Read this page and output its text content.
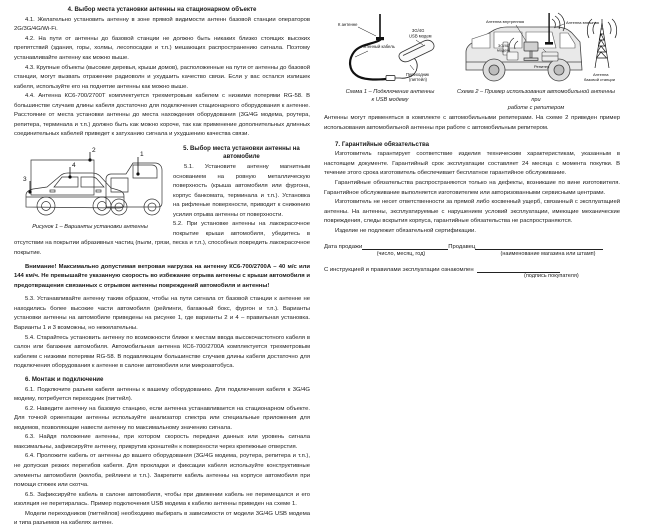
4. Выбор места установки антенны на стационарном объекте

4.1. Желательно установить антенну в зоне прямой видимости антенн базовой станции операторов 2G/3G/4G/Wi-Fi.

4.2. На пути от антенны до базовой станции не должно быть никаких близко стоящих высоких препятствий (здания, горы, холмы, лесопосадки и т.п.) мешающих распространению сигнала. Поэтому устанавливайте антенну как можно выше.

4.3. Крупные объекты (высокие деревья, крыши домов), расположенные на пути от антенны до базовой станции, могут вызвать отражение радиоволн и ухудшить качество связи. Если у вас остался излишек кабеля, используйте его на поднятие антенны как можно выше.

4.4. Антенна КС6-700/2700Т комплектуется трехметровым кабелем с низкими потерями RG-58. В большинстве случаев длины кабеля достаточно для подключения стационарного оборудования к антенне. Расстояние от места установки антенны до места нахождения оборудования (3G/4G модема, роутера, репитера, терминала и т.п.) должно быть как можно короче, так как применение дополнительных длинных соединительных кабелей приведет к затуханию сигнала и ухудшению качества связи.

1
2
3
4
Рисунок 1 – Варианты установки антенны
5. Выбор места установки антенны на автомобиле

5.1. Установите антенну магнитным основанием на ровную металлическую поверхность (крыша автомобиля или фургона, корпус банкомата, терминала и т.п.). Установка на рифленые поверхности, приводит к снижению усилия отрыва антенны от поверхности.

5.2. При установке антенны на лакокрасочное покрытие крыши автомобиля, убедитесь в отсутствии на покрытии абразивных частиц (пыли, грязи, песка и т.п.), способных повредить лакокрасочное покрытие.

Внимание! Максимально допустимая ветровая нагрузка на антенну КС6-700/2700А – 40 м/с или 144 км/ч. Не превышайте указанную скорость во избежание отрыва антенны с крыши автомобиля и предотвращения связанных с отрывом антенны повреждений автомобиля и антенны!

5.3. Устанавливайте антенну таким образом, чтобы на пути сигнала от базовой станции к антенне не находились более высокие части автомобиля (рейлинги, багажный бокс, фургон и т.п.). Варианты установки антенны на автомобиле приведены на рисунке 1, где варианты 2 и 4 – правильная установка. Варианты 1 и 3 возможны, но нежелательны.

5.4. Старайтесь установить антенну по возможности ближе к местам ввода высокочастотного кабеля в салон или багажник автомобиля. Автомобильная антенна КС6-700/2700А комплектуется трехметровым кабелем с низкими потерями RG-58. В подавляющем большинстве случаев длины кабеля достаточно для подключения оборудования к антенне в салоне автомобиля или микроавтобуса.

6. Монтаж и подключение

6.1. Подключите разъем кабеля антенны к вашему оборудованию. Для подключения кабеля к 3G/4G модему, потребуется переходник (пигтейл).

6.2. Наведите антенну на базовую станцию, если антенна устанавливается на стационарном объекте. Для точной ориентации антенны используйте анализатор спектра или специальные приложения для модемов, позволяющие навести антенну по максимальному значению сигнала.

6.3. Найдя положение антенны, при котором скорость передачи данных или уровень сигнала максимальны, зафиксируйте антенну, прикрутив кронштейн к поверхности через крепежные отверстия.

6.4. Проложите кабель от антенны до вашего оборудования (3G/4G модема, роутера, репитера и т.п.), не допуская резких перегибов кабеля. Для прокладки и фиксации кабеля используйте конструктивные элементы автомобиля (желоба, рейлинги и т.п.). Закрепите кабель антенны на корпусе автомобиля при помощи стяжек или скотча.

6.5. Зафиксируйте кабель в салоне автомобиля, чтобы при движении кабель не перемещался и его изоляция не перетиралась. Пример подключения USB модема к кабелю антенны приведен на схеме 1.

Модели переходников (пигтейлов) необходимо выбирать в зависимости от модели 3G/4G USB модема и типа разъемов на кабелях антенн.

К антенне
Антенный кабель
3G/4G
USB модем
Переходник
(пигтейл)
Антенна внутренняя	Антенна внешняя
3G/4G
модем
Репитер
Антенна
базовой станции
Схема 1 – Подключение антенны
к USB модему
Схема 2 – Пример использования автомобильной антенны при
работе с репитером

Антенны могут применяться в комплекте с автомобильными репитерами. На схеме 2 приведен пример использования автомобильной антенны при работе с автомобильным репитером.

7. Гарантийные обязательства

Изготовитель гарантирует соответствие изделия техническим характеристикам, указанным в настоящем документе. Гарантийный срок эксплуатации составляет 24 месяца с момента покупки. В течение этого срока изготовитель обеспечивает бесплатное гарантийное обслуживание.

Гарантийные обязательства распространяются только на дефекты, возникшие по вине изготовителя. Гарантийное обслуживание выполняется изготовителем или авторизованными сервисными центрами.

Изготовитель не несет ответственности за прямой либо косвенный ущерб, связанный с эксплуатацией антенны. На антенны, эксплуатируемые с нарушением условий эксплуатации, имеющие механические повреждения, следы вскрытия корпуса, гарантийные обязательства не распространяются.

Изделие не подлежит обязательной сертификации.

Дата продажи	Продавец
(число, месяц, год)	(наименование магазина или штамп)
С инструкцией и правилами эксплуатации ознакомлен
(подпись покупателя)
